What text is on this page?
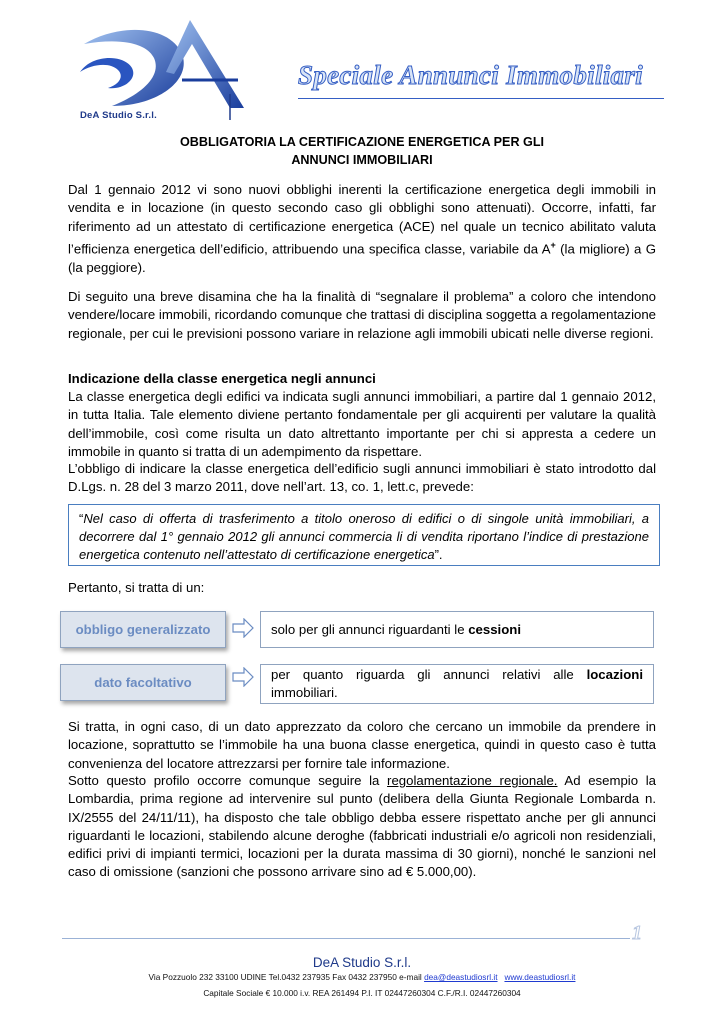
DeA Studio S.r.l.
Speciale Annunci Immobiliari
OBBLIGATORIA LA CERTIFICAZIONE ENERGETICA PER GLI
ANNUNCI IMMOBILIARI
Dal 1 gennaio 2012 vi sono nuovi obblighi inerenti la certificazione energetica degli immobili in vendita e in locazione (in questo secondo caso gli obblighi sono attenuati). Occorre, infatti, far riferimento ad un attestato di certificazione energetica (ACE) nel quale un tecnico abilitato valuta l’efficienza energetica dell’edificio, attribuendo una specifica classe, variabile da A+ (la migliore) a G (la peggiore).
Di seguito una breve disamina che ha la finalità di “segnalare il problema” a coloro che intendono vendere/locare immobili, ricordando comunque che trattasi di disciplina soggetta a regolamentazione regionale, per cui le previsioni possono variare in relazione agli immobili ubicati nelle diverse regioni.
Indicazione della classe energetica negli annunci
La classe energetica degli edifici va indicata sugli annunci immobiliari, a partire dal 1 gennaio 2012, in tutta Italia. Tale elemento diviene pertanto fondamentale per gli acquirenti per valutare la qualità dell’immobile, così come risulta un dato altrettanto importante per chi si appresta a cedere un immobile in quanto si tratta di un adempimento da rispettare.
L’obbligo di indicare la classe energetica dell’edificio sugli annunci immobiliari è stato introdotto dal D.Lgs. n. 28 del 3 marzo 2011, dove nell’art. 13, co. 1, lett.c, prevede:
“Nel caso di offerta di trasferimento a titolo oneroso di edifici o di singole unità immobiliari, a decorrere dal 1° gennaio 2012 gli annunci commercia li di vendita riportano l’indice di prestazione energetica contenuto nell’attestato di certificazione energetica”.
Pertanto, si tratta di un:
obbligo generalizzato	solo per gli annunci riguardanti le cessioni
dato facoltativo
per quanto riguarda gli annunci relativi alle locazioni immobiliari.
Si tratta, in ogni caso, di un dato apprezzato da coloro che cercano un immobile da prendere in locazione, soprattutto se l’immobile ha una buona classe energetica, quindi in questo caso è tutta convenienza del locatore attrezzarsi per fornire tale informazione.
Sotto questo profilo occorre comunque seguire la regolamentazione regionale. Ad esempio la Lombardia, prima regione ad intervenire sul punto (delibera della Giunta Regionale Lombarda n. IX/2555 del 24/11/11), ha disposto che tale obbligo debba essere rispettato anche per gli annunci riguardanti le locazioni, stabilendo alcune deroghe (fabbricati industriali e/o agricoli non residenziali, edifici privi di impianti termici, locazioni per la durata massima di 30 giorni), nonché le sanzioni nel caso di omissione (sanzioni che possono arrivare sino ad € 5.000,00).
1
DeA Studio S.r.l.
Via Pozzuolo 232 33100 UDINE Tel.0432 237935 Fax 0432 237950 e-mail dea@deastudiosrl.it www.deastudiosrl.it
Capitale Sociale € 10.000 i.v. REA 261494 P.I. IT 02447260304 C.F./R.I. 02447260304
